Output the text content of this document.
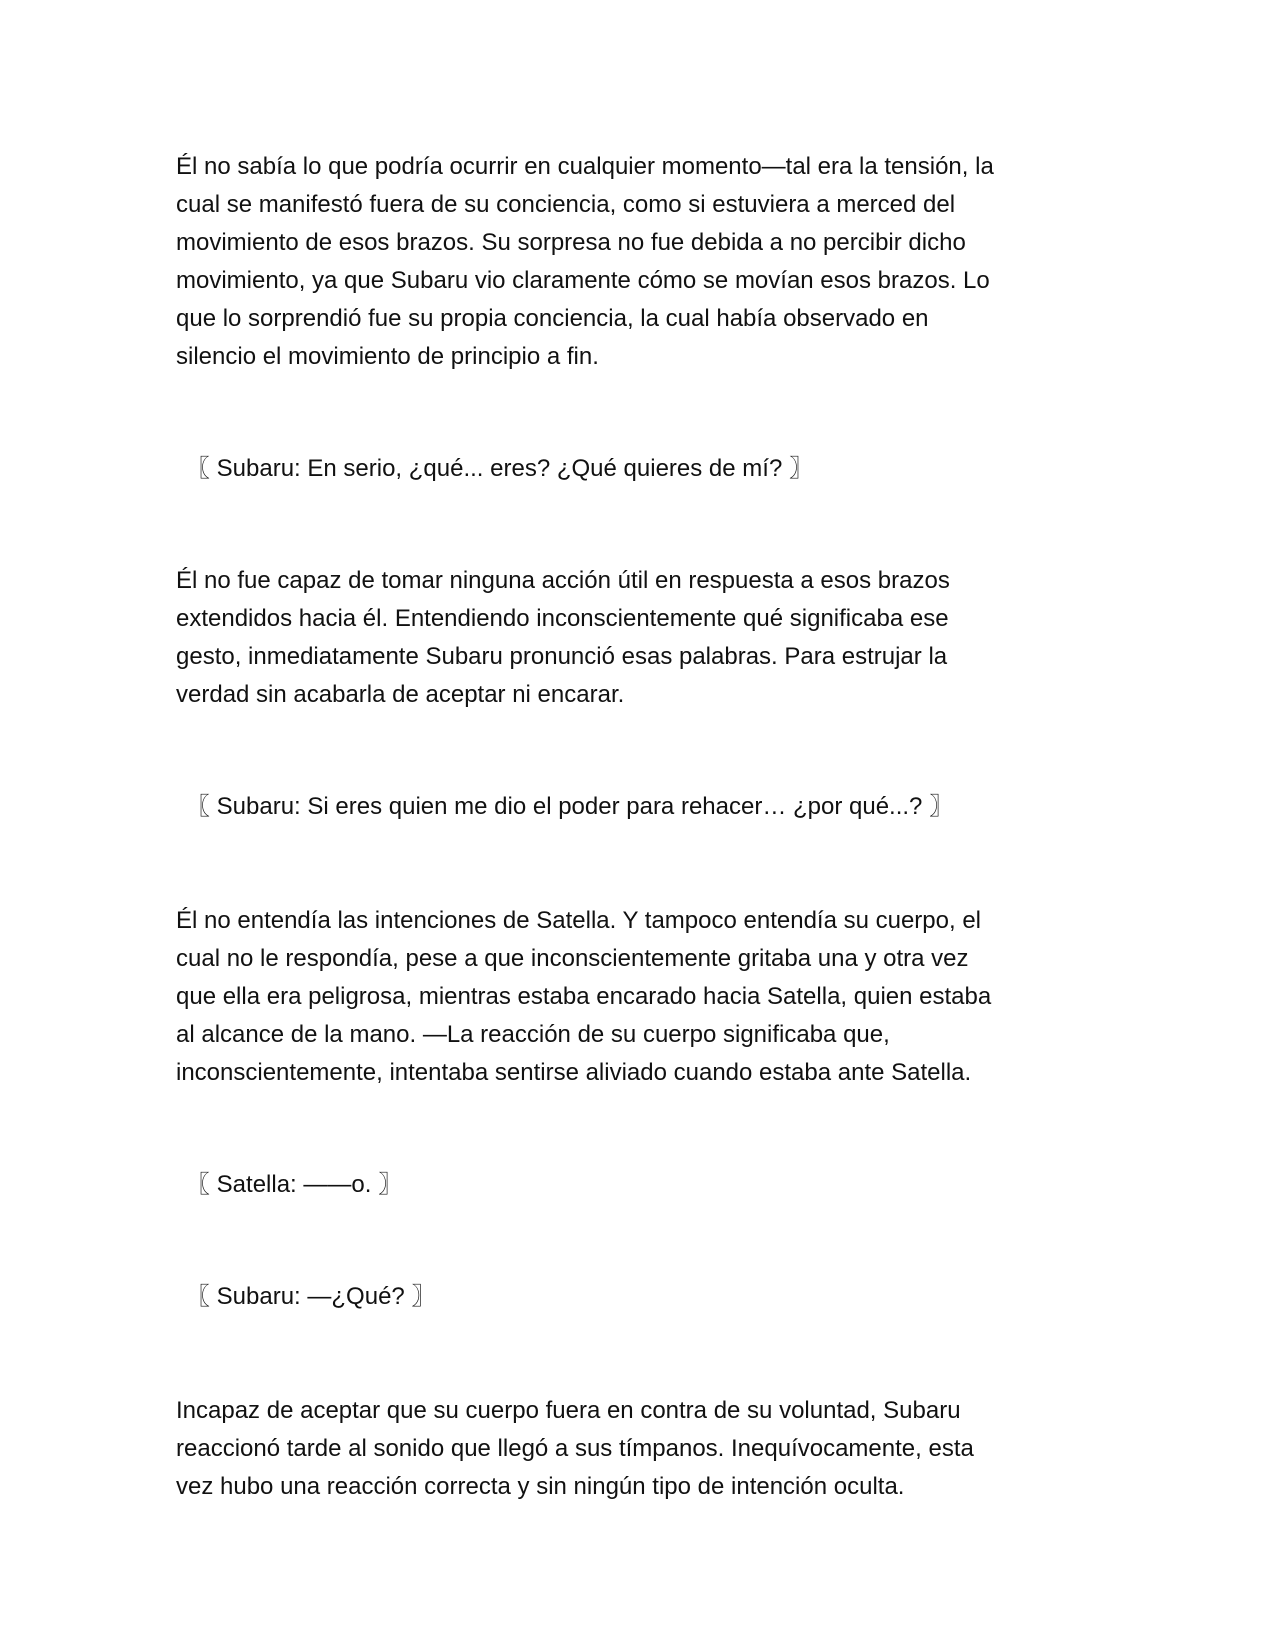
Él no sabía lo que podría ocurrir en cualquier momento—tal era la tensión, la
cual se manifestó fuera de su conciencia, como si estuviera a merced del
movimiento de esos brazos. Su sorpresa no fue debida a no percibir dicho
movimiento, ya que Subaru vio claramente cómo se movían esos brazos. Lo
que lo sorprendió fue su propia conciencia, la cual había observado en
silencio el movimiento de principio a fin.

〖 Subaru: En serio, ¿qué... eres? ¿Qué quieres de mí? 〗

Él no fue capaz de tomar ninguna acción útil en respuesta a esos brazos
extendidos hacia él. Entendiendo inconscientemente qué significaba ese
gesto, inmediatamente Subaru pronunció esas palabras. Para estrujar la
verdad sin acabarla de aceptar ni encarar.

〖 Subaru: Si eres quien me dio el poder para rehacer… ¿por qué...? 〗

Él no entendía las intenciones de Satella. Y tampoco entendía su cuerpo, el
cual no le respondía, pese a que inconscientemente gritaba una y otra vez
que ella era peligrosa, mientras estaba encarado hacia Satella, quien estaba
al alcance de la mano. —La reacción de su cuerpo significaba que,
inconscientemente, intentaba sentirse aliviado cuando estaba ante Satella.

〖 Satella: ——o. 〗

〖 Subaru: —¿Qué? 〗

Incapaz de aceptar que su cuerpo fuera en contra de su voluntad, Subaru
reaccionó tarde al sonido que llegó a sus tímpanos. Inequívocamente, esta
vez hubo una reacción correcta y sin ningún tipo de intención oculta.
